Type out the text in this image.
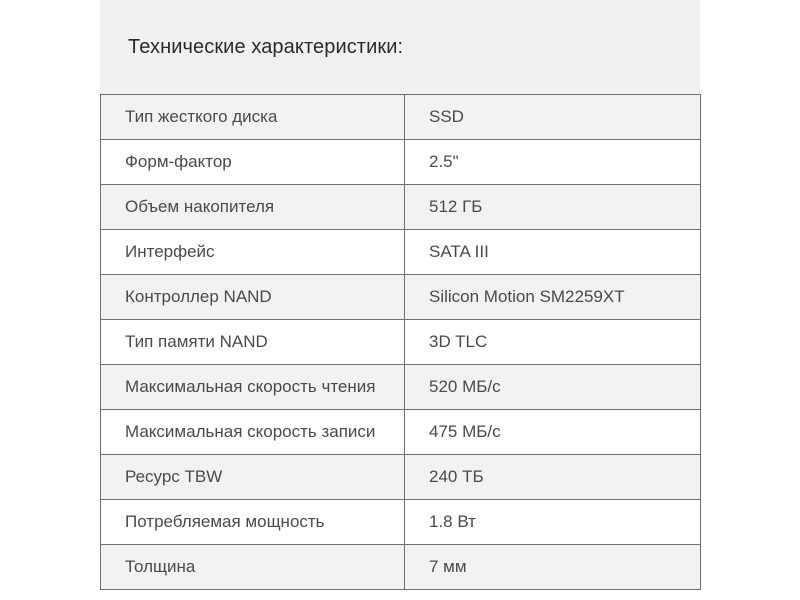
Технические характеристики:
Тип жесткого диска	SSD
Форм-фактор	2.5"
Объем накопителя	512 ГБ
Интерфейс	SATA III
Контроллер NAND	Silicon Motion SM2259XT
Тип памяти NAND	3D TLC
Максимальная скорость чтения	520 МБ/с
Максимальная скорость записи	475 МБ/с
Ресурс TBW	240 ТБ
Потребляемая мощность	1.8 Вт
Толщина	7 мм
